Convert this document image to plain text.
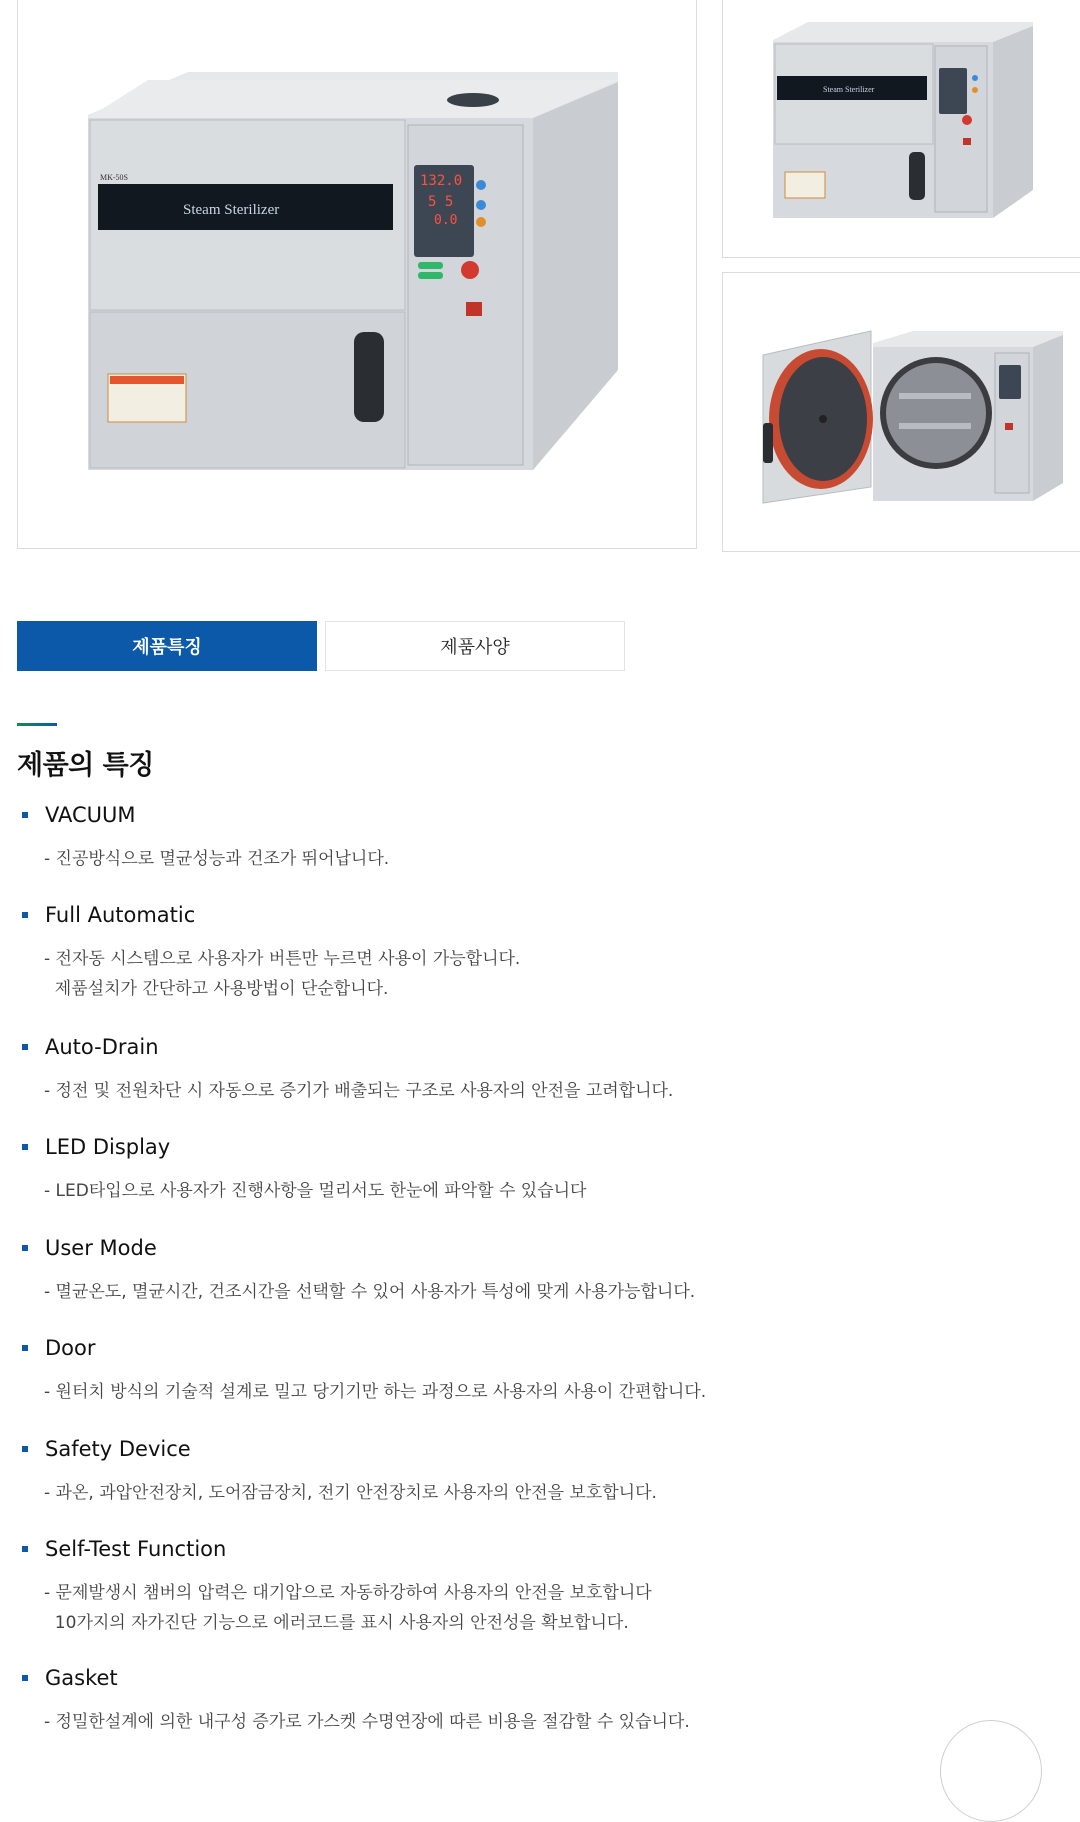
Steam Sterilizer
MK-50S	132.0
5 5
0.0
Steam Sterilizer
제품특징	제품사양
제품의 특징
VACUUM
- 진공방식으로 멸균성능과 건조가 뛰어납니다.
Full Automatic
- 전자동 시스템으로 사용자가 버튼만 누르면 사용이 가능합니다.
제품설치가 간단하고 사용방법이 단순합니다.
Auto-Drain
- 정전 및 전원차단 시 자동으로 증기가 배출되는 구조로 사용자의 안전을 고려합니다.
LED Display
- LED타입으로 사용자가 진행사항을 멀리서도 한눈에 파악할 수 있습니다
User Mode
- 멸균온도, 멸균시간, 건조시간을 선택할 수 있어 사용자가 특성에 맞게 사용가능합니다.
Door
- 원터치 방식의 기술적 설계로 밀고 당기기만 하는 과정으로 사용자의 사용이 간편합니다.
Safety Device
- 과온, 과압안전장치, 도어잠금장치, 전기 안전장치로 사용자의 안전을 보호합니다.
Self-Test Function
- 문제발생시 챔버의 압력은 대기압으로 자동하강하여 사용자의 안전을 보호합니다
10가지의 자가진단 기능으로 에러코드를 표시 사용자의 안전성을 확보합니다.
Gasket
- 정밀한설계에 의한 내구성 증가로 가스켓 수명연장에 따른 비용을 절감할 수 있습니다.
